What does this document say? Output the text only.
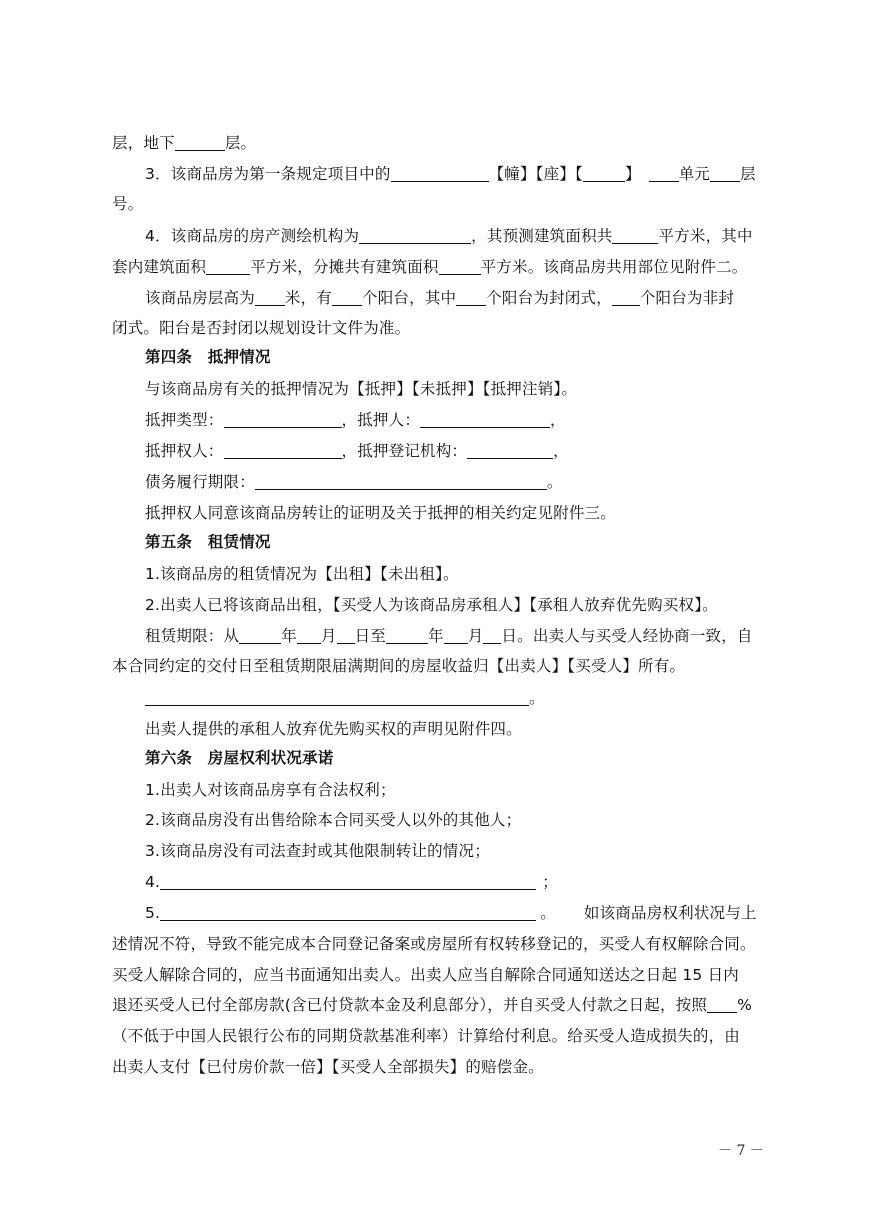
层，地下	层。
3．该商品房为第一条规定项目中的	【幢】【座】【	】 单元 层
号。
4．该商品房的房产测绘机构为	，其预测建筑面积共	平方米，其中
套内建筑面积	平方米，分摊共有建筑面积	平方米。该商品房共用部位见附件二。
该商品房层高为 米，有 个阳台，其中 个阳台为封闭式， 个阳台为非封
闭式。阳台是否封闭以规划设计文件为准。
第四条　抵押情况
与该商品房有关的抵押情况为【抵押】【未抵押】【抵押注销】。
抵押类型：	，抵押人：	，
抵押权人：	，抵押登记机构：	，
债务履行期限：	。
抵押权人同意该商品房转让的证明及关于抵押的相关约定见附件三。
第五条　租赁情况
1.该商品房的租赁情况为【出租】【未出租】。
2.出卖人已将该商品出租，【买受人为该商品房承租人】【承租人放弃优先购买权】。
租赁期限：从	年 月 日至	年 月 日。出卖人与买受人经协商一致，自
本合同约定的交付日至租赁期限届满期间的房屋收益归【出卖人】【买受人】所有。
。
出卖人提供的承租人放弃优先购买权的声明见附件四。
第六条　房屋权利状况承诺
1.出卖人对该商品房享有合法权利；
2.该商品房没有出售给除本合同买受人以外的其他人；
3.该商品房没有司法查封或其他限制转让的情况；
4.	；
5.	。 如该商品房权利状况与上
述情况不符，导致不能完成本合同登记备案或房屋所有权转移登记的，买受人有权解除合同。
买受人解除合同的，应当书面通知出卖人。出卖人应当自解除合同通知送达之日起 15 日内
退还买受人已付全部房款(含已付贷款本金及利息部分），并自买受人付款之日起，按照 %
（不低于中国人民银行公布的同期贷款基准利率）计算给付利息。给买受人造成损失的，由
出卖人支付【已付房价款一倍】【买受人全部损失】的赔偿金。
－ 7 －
